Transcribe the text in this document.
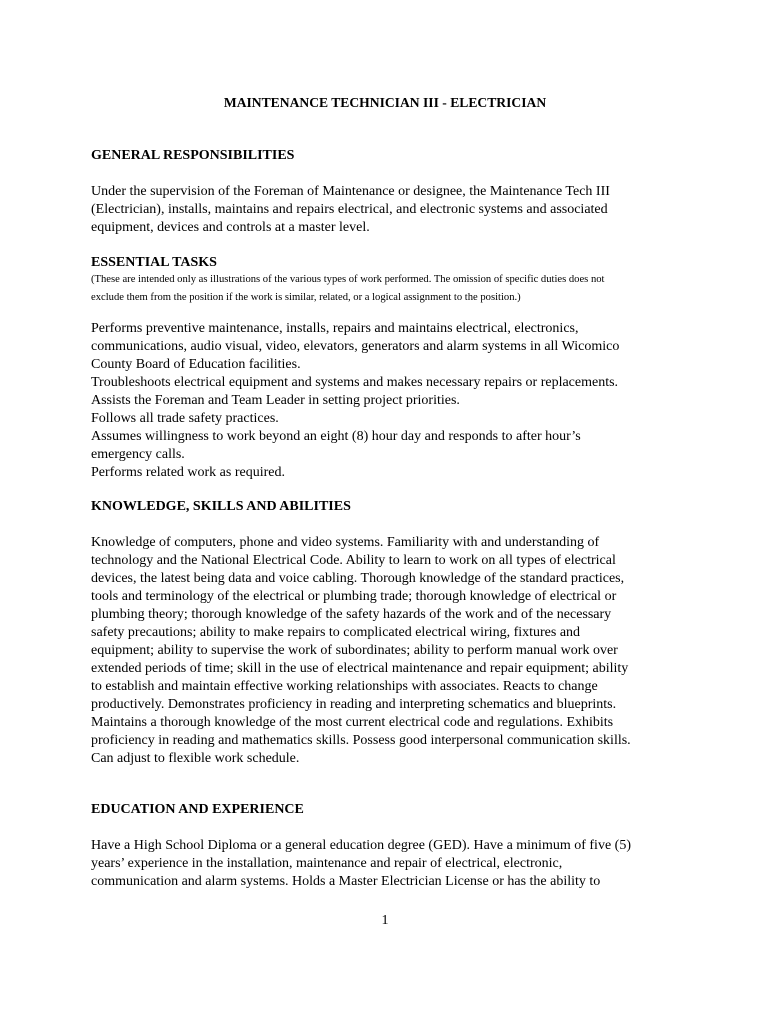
MAINTENANCE TECHNICIAN III - ELECTRICIAN
GENERAL RESPONSIBILITIES
Under the supervision of the Foreman of Maintenance or designee, the Maintenance Tech III
(Electrician), installs, maintains and repairs electrical, and electronic systems and associated
equipment, devices and controls at a master level.
ESSENTIAL TASKS
(These are intended only as illustrations of the various types of work performed. The omission of specific duties does not
exclude them from the position if the work is similar, related, or a logical assignment to the position.)
Performs preventive maintenance, installs, repairs and maintains electrical, electronics,
communications, audio visual, video, elevators, generators and alarm systems in all Wicomico
County Board of Education facilities.
Troubleshoots electrical equipment and systems and makes necessary repairs or replacements.
Assists the Foreman and Team Leader in setting project priorities.
Follows all trade safety practices.
Assumes willingness to work beyond an eight (8) hour day and responds to after hour’s
emergency calls.
Performs related work as required.
KNOWLEDGE, SKILLS AND ABILITIES
Knowledge of computers, phone and video systems. Familiarity with and understanding of
technology and the National Electrical Code. Ability to learn to work on all types of electrical
devices, the latest being data and voice cabling. Thorough knowledge of the standard practices,
tools and terminology of the electrical or plumbing trade; thorough knowledge of electrical or
plumbing theory; thorough knowledge of the safety hazards of the work and of the necessary
safety precautions; ability to make repairs to complicated electrical wiring, fixtures and
equipment; ability to supervise the work of subordinates; ability to perform manual work over
extended periods of time; skill in the use of electrical maintenance and repair equipment; ability
to establish and maintain effective working relationships with associates. Reacts to change
productively. Demonstrates proficiency in reading and interpreting schematics and blueprints.
Maintains a thorough knowledge of the most current electrical code and regulations. Exhibits
proficiency in reading and mathematics skills. Possess good interpersonal communication skills.
Can adjust to flexible work schedule.
EDUCATION AND EXPERIENCE
Have a High School Diploma or a general education degree (GED). Have a minimum of five (5)
years’ experience in the installation, maintenance and repair of electrical, electronic,
communication and alarm systems. Holds a Master Electrician License or has the ability to
1
